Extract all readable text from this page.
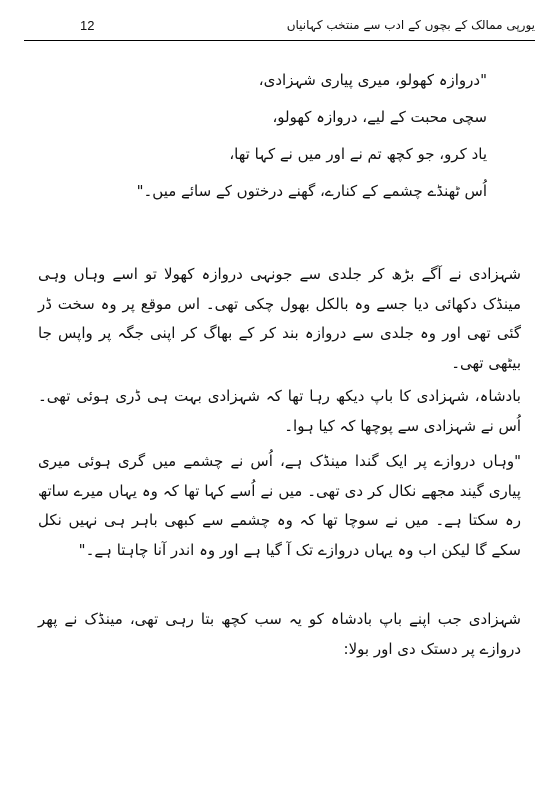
یورپی ممالک کے بچوں کے ادب سے منتخب کہانیاں
12
"دروازہ کھولو، میری پیاری شہزادی،
سچی محبت کے لیے، دروازہ کھولو،
یاد کرو، جو کچھ تم نے اور میں نے کہا تھا،
اُس ٹھنڈے چشمے کے کنارے، گھنے درختوں کے سائے میں۔"
شہزادی نے آگے بڑھ کر جلدی سے جونہی دروازہ کھولا تو اسے وہاں وہی مینڈک دکھائی دیا جسے وہ بالکل بھول چکی تھی۔ اس موقع پر وہ سخت ڈر گئی تھی اور وہ جلدی سے دروازہ بند کر کے بھاگ کر اپنی جگہ پر واپس جا بیٹھی تھی۔
بادشاہ، شہزادی کا باپ دیکھ رہا تھا کہ شہزادی بہت ہی ڈری ہوئی تھی۔ اُس نے شہزادی سے پوچھا کہ کیا ہوا۔
"وہاں دروازے پر ایک گندا مینڈک ہے، اُس نے چشمے میں گری ہوئی میری پیاری گیند مجھے نکال کر دی تھی۔ میں نے اُسے کہا تھا کہ وہ یہاں میرے ساتھ رہ سکتا ہے۔ میں نے سوچا تھا کہ وہ چشمے سے کبھی باہر ہی نہیں نکل سکے گا لیکن اب وہ یہاں دروازے تک آ گیا ہے اور وہ اندر آنا چاہتا ہے۔"
شہزادی جب اپنے باپ بادشاہ کو یہ سب کچھ بتا رہی تھی، مینڈک نے پھر دروازے پر دستک دی اور بولا:
